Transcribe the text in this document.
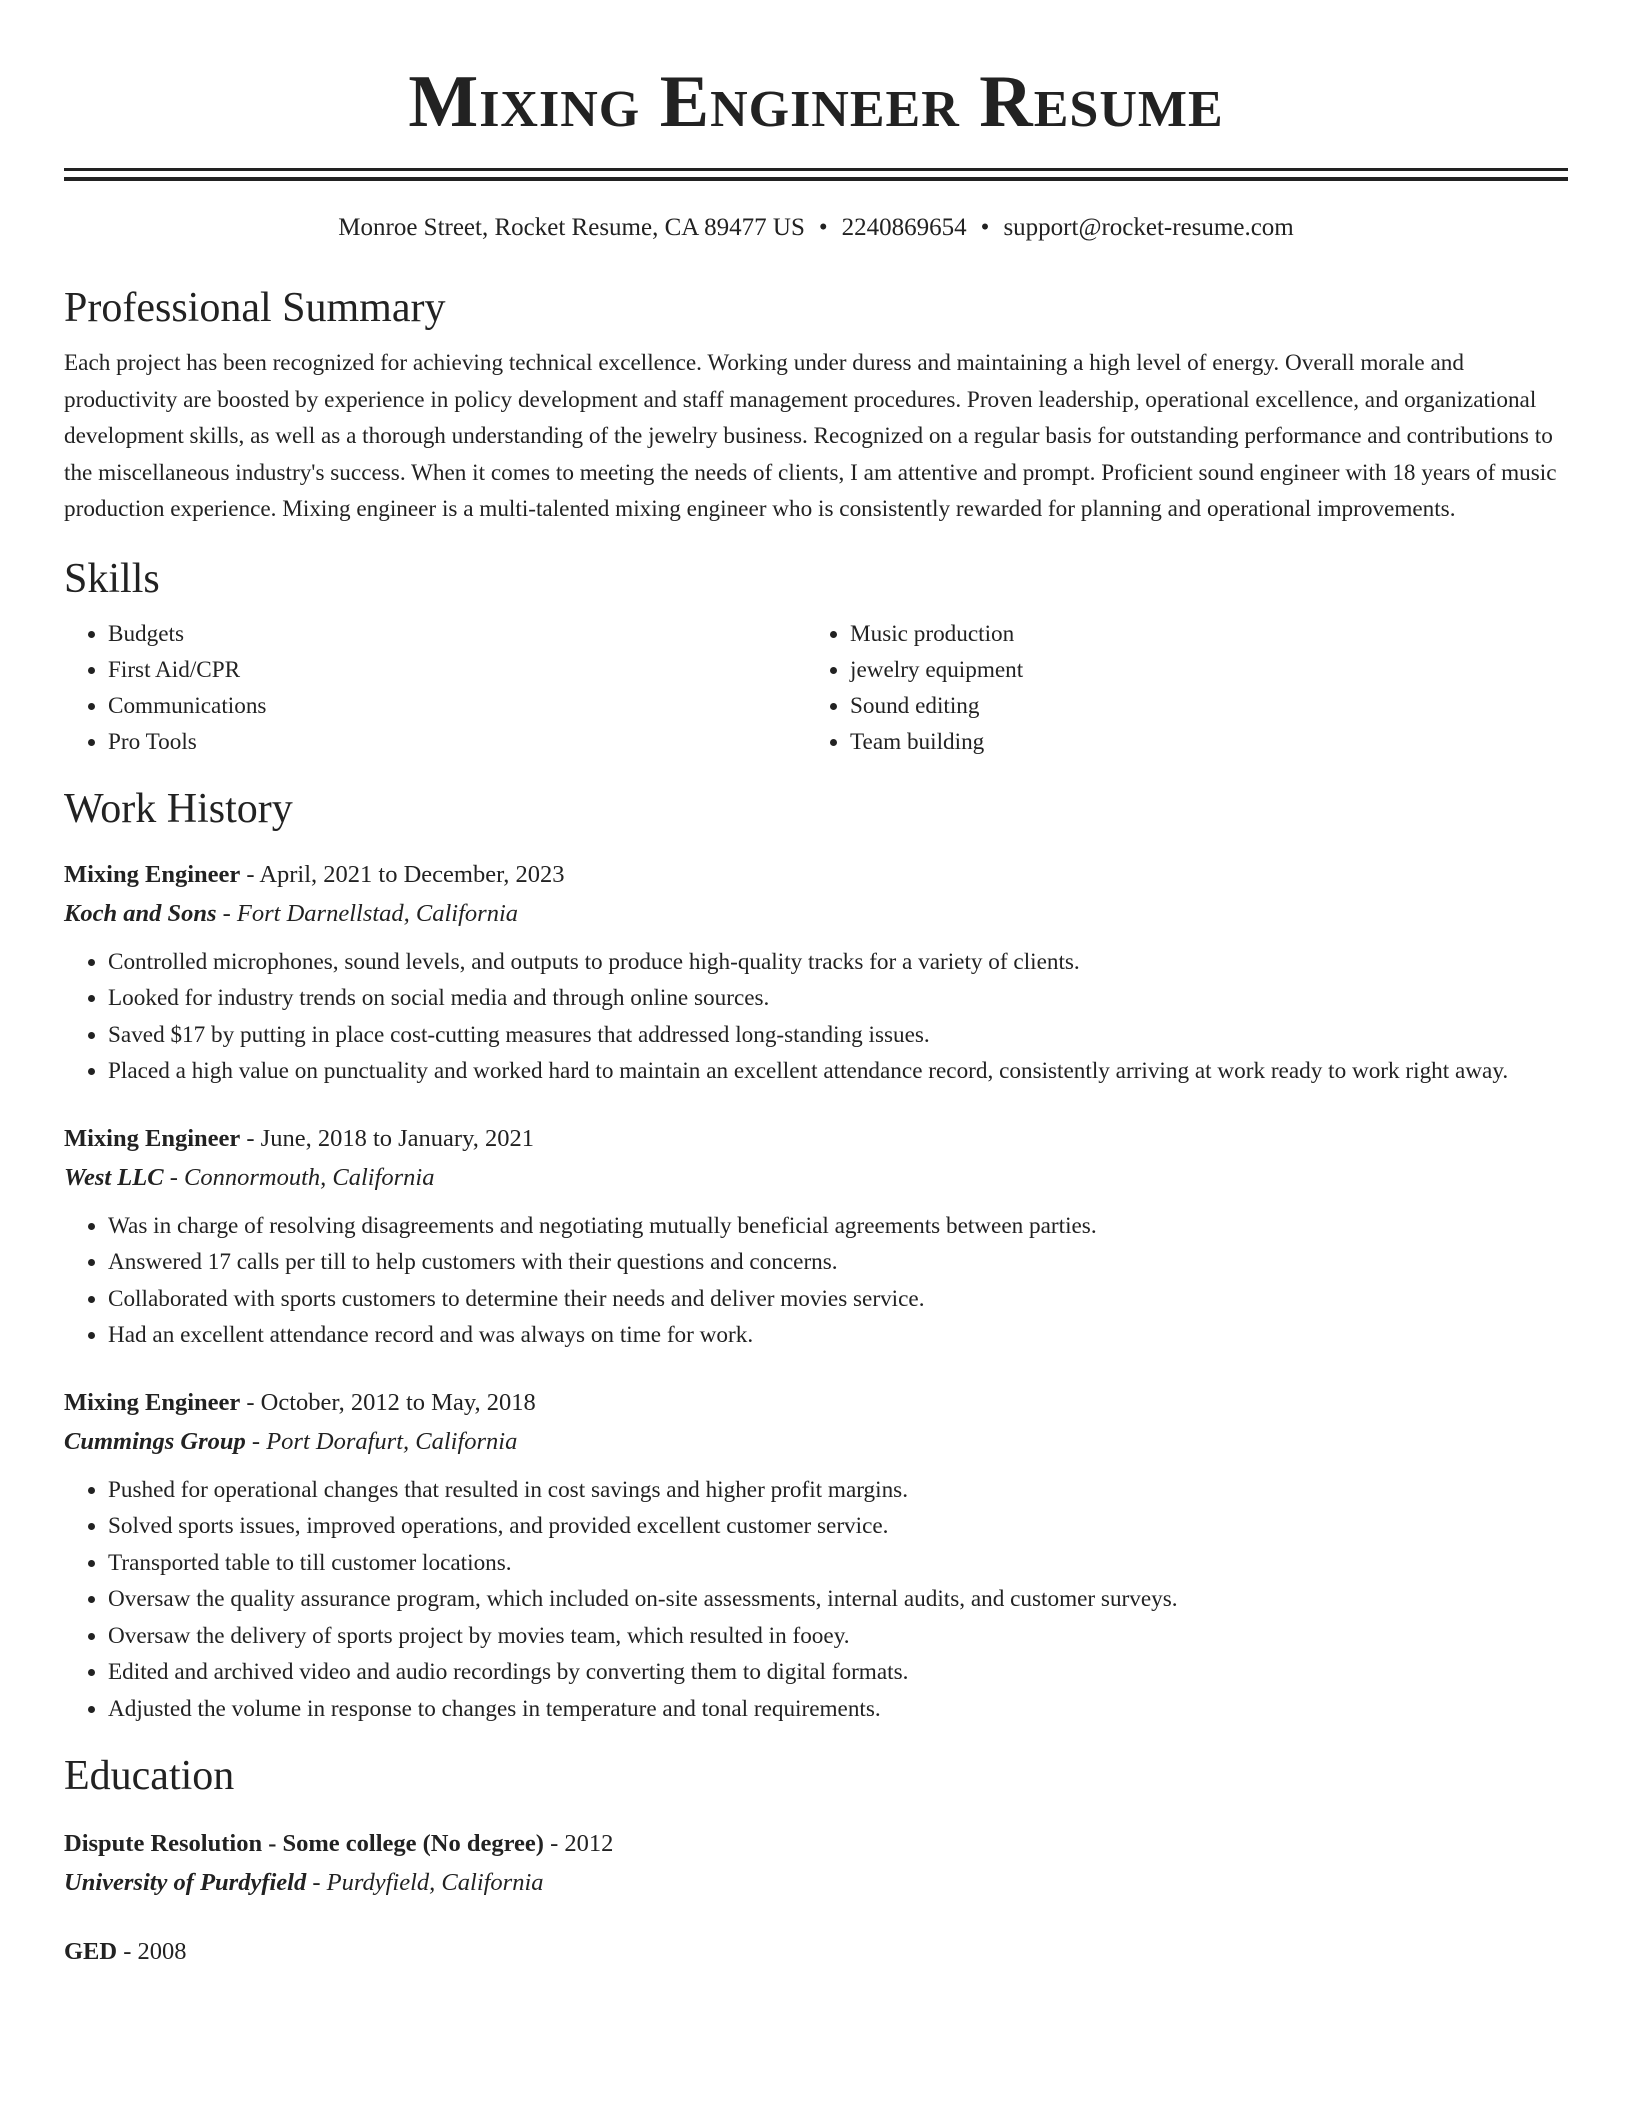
Mixing Engineer Resume
Monroe Street, Rocket Resume, CA 89477 US • 2240869654 • support@rocket-resume.com
Professional Summary

Each project has been recognized for achieving technical excellence. Working under duress and maintaining a high level of energy. Overall morale and productivity are boosted by experience in policy development and staff management procedures. Proven leadership, operational excellence, and organizational development skills, as well as a thorough understanding of the jewelry business. Recognized on a regular basis for outstanding performance and contributions to the miscellaneous industry's success. When it comes to meeting the needs of clients, I am attentive and prompt. Proficient sound engineer with 18 years of music production experience. Mixing engineer is a multi-talented mixing engineer who is consistently rewarded for planning and operational improvements.

Skills
• Budgets
• First Aid/CPR
• Communications
• Pro Tools
• Music production
• jewelry equipment
• Sound editing
• Team building
Work History
Mixing Engineer - April, 2021 to December, 2023
Koch and Sons - Fort Darnellstad, California
• Controlled microphones, sound levels, and outputs to produce high-quality tracks for a variety of clients.
• Looked for industry trends on social media and through online sources.
• Saved $17 by putting in place cost-cutting measures that addressed long-standing issues.
• Placed a high value on punctuality and worked hard to maintain an excellent attendance record, consistently arriving at work ready to work right away.
Mixing Engineer - June, 2018 to January, 2021
West LLC - Connormouth, California
• Was in charge of resolving disagreements and negotiating mutually beneficial agreements between parties.
• Answered 17 calls per till to help customers with their questions and concerns.
• Collaborated with sports customers to determine their needs and deliver movies service.
• Had an excellent attendance record and was always on time for work.
Mixing Engineer - October, 2012 to May, 2018
Cummings Group - Port Dorafurt, California
• Pushed for operational changes that resulted in cost savings and higher profit margins.
• Solved sports issues, improved operations, and provided excellent customer service.
• Transported table to till customer locations.
• Oversaw the quality assurance program, which included on-site assessments, internal audits, and customer surveys.
• Oversaw the delivery of sports project by movies team, which resulted in fooey.
• Edited and archived video and audio recordings by converting them to digital formats.
• Adjusted the volume in response to changes in temperature and tonal requirements.
Education
Dispute Resolution - Some college (No degree) - 2012
University of Purdyfield - Purdyfield, California
GED - 2008
